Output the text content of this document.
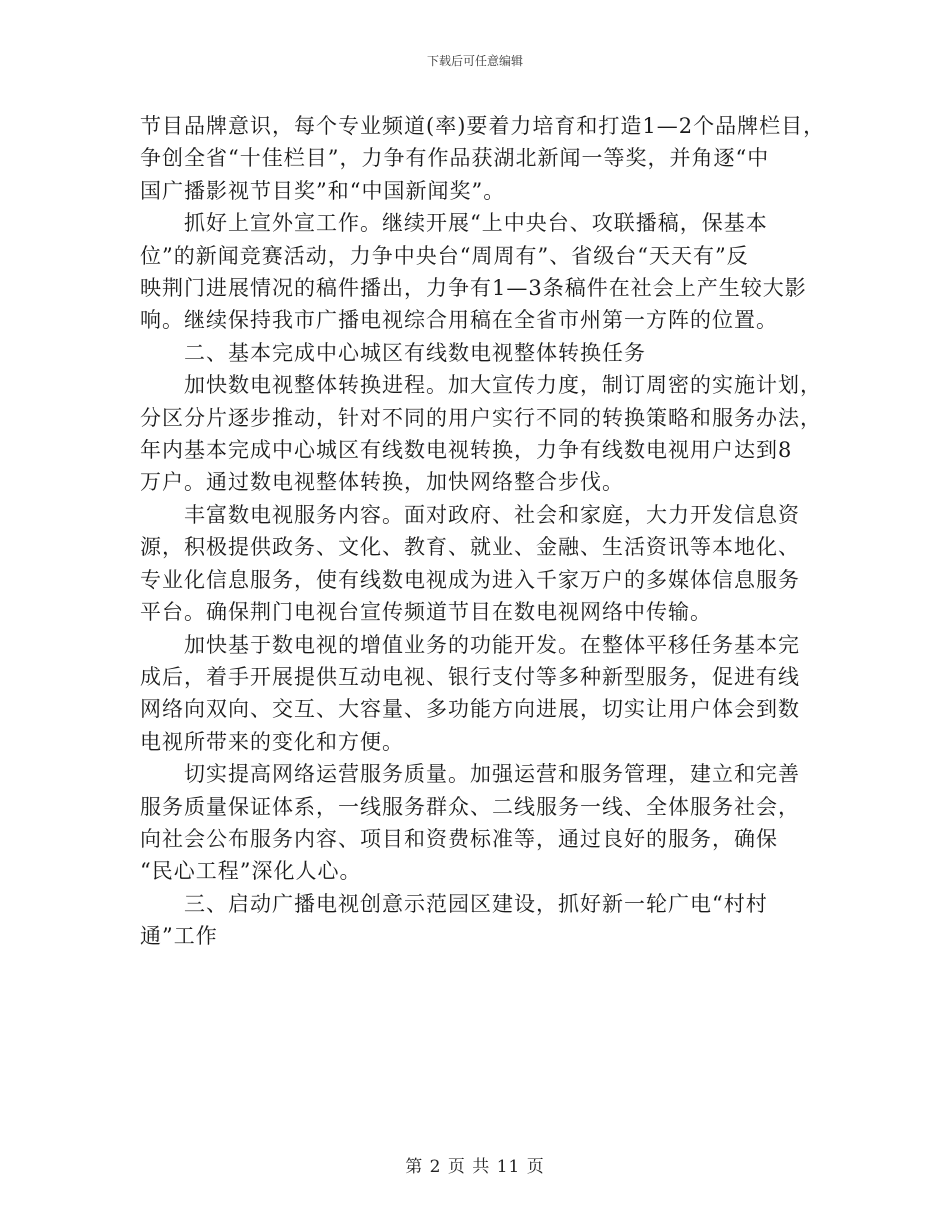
下载后可任意编辑
节目品牌意识，每个专业频道(率)要着力培育和打造1—2个品牌栏目，
争创全省“十佳栏目”，力争有作品获湖北新闻一等奖，并角逐“中
国广播影视节目奖”和“中国新闻奖”。
抓好上宣外宣工作。继续开展“上中央台、攻联播稿，保基本
位”的新闻竞赛活动，力争中央台“周周有”、省级台“天天有”反
映荆门进展情况的稿件播出，力争有1—3条稿件在社会上产生较大影
响。继续保持我市广播电视综合用稿在全省市州第一方阵的位置。
二、基本完成中心城区有线数电视整体转换任务
加快数电视整体转换进程。加大宣传力度，制订周密的实施计划，
分区分片逐步推动，针对不同的用户实行不同的转换策略和服务办法，
年内基本完成中心城区有线数电视转换，力争有线数电视用户达到8
万户。通过数电视整体转换，加快网络整合步伐。
丰富数电视服务内容。面对政府、社会和家庭，大力开发信息资
源，积极提供政务、文化、教育、就业、金融、生活资讯等本地化、
专业化信息服务，使有线数电视成为进入千家万户的多媒体信息服务
平台。确保荆门电视台宣传频道节目在数电视网络中传输。
加快基于数电视的增值业务的功能开发。在整体平移任务基本完
成后，着手开展提供互动电视、银行支付等多种新型服务，促进有线
网络向双向、交互、大容量、多功能方向进展，切实让用户体会到数
电视所带来的变化和方便。
切实提高网络运营服务质量。加强运营和服务管理，建立和完善
服务质量保证体系，一线服务群众、二线服务一线、全体服务社会，
向社会公布服务内容、项目和资费标准等，通过良好的服务，确保
“民心工程”深化人心。
三、启动广播电视创意示范园区建设，抓好新一轮广电“村村
通”工作
第 2 页 共 11 页
